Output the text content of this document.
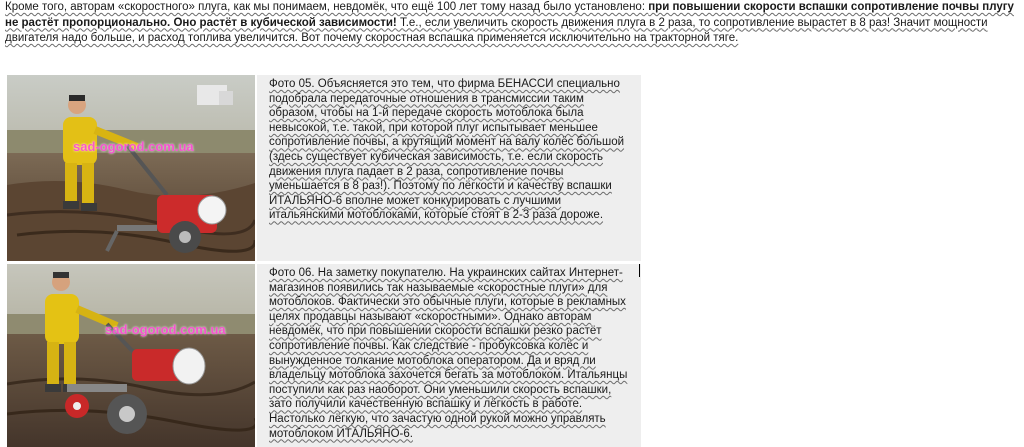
Кроме того, авторам «скоростного» плуга, как мы понимаем, невдомёк, что ещё 100 лет тому назад было установлено: при повышении скорости вспашки сопротивление почвы плугу не растёт пропорционально. Оно растёт в кубической зависимости! Т.е., если увеличить скорость движения плуга в 2 раза, то сопротивление вырастет в 8 раз! Значит мощности двигателя надо больше, и расход топлива увеличится. Вот почему скоростная вспашка применяется исключительно на тракторной тяге.

sad-ogorod.com.ua
Фото 05. Объясняется это тем, что фирма БЕНАССИ специально подобрала передаточные отношения в трансмиссии таким образом, чтобы на 1-й передаче скорость мотоблока была невысокой, т.е. такой, при которой плуг испытывает меньшее сопротивление почвы, а крутящий момент на валу колёс большой (здесь существует кубическая зависимость, т.е. если скорость движения плуга падает в 2 раза, сопротивление почвы уменьшается в 8 раз!). Поэтому по лёгкости и качеству вспашки ИТАЛЬЯНО-6 вполне может конкурировать с лучшими итальянскими мотоблоками, которые стоят в 2-3 раза дороже.
sad-ogorod.com.ua
Фото 06. На заметку покупателю. На украинских сайтах Интернет-магазинов появились так называемые «скоростные плуги» для мотоблоков. Фактически это обычные плуги, которые в рекламных целях продавцы называют «скоростными». Однако авторам невдомёк, что при повышении скорости вспашки резко растёт сопротивление почвы. Как следствие - пробуксовка колёс и вынужденное толкание мотоблока оператором. Да и вряд ли владельцу мотоблока захочется бегать за мотоблоком. Итальянцы поступили как раз наоборот. Они уменьшили скорость вспашки, зато получили качественную вспашку и лёгкость в работе. Настолько лёгкую, что зачастую одной рукой можно управлять мотоблоком ИТАЛЬЯНО-6.
